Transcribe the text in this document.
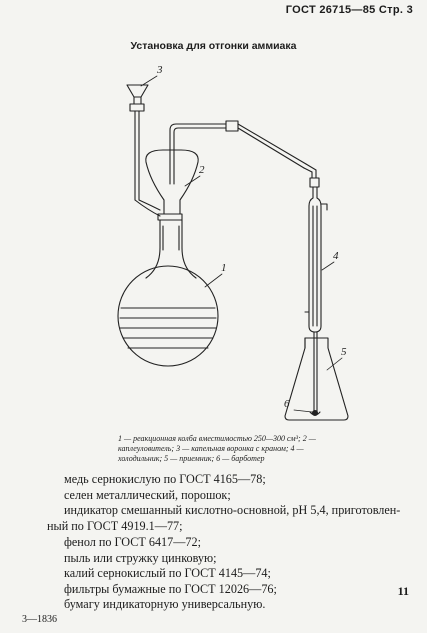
ГОСТ 26715—85 Стр. 3
Установка для отгонки аммиака
3
2
1
4
5
6
1 — реакционная колба вместимостью 250—300 см³; 2 —
каплеуловитель; 3 — капельная воронка с краном; 4 —
холодильник; 5 — приемник; 6 — барботер
медь сернокислую по ГОСТ 4165—78;
селен металлический, порошок;
индикатор смешанный кислотно-основной, рН 5,4, приготовлен-
ный по ГОСТ 4919.1—77;
фенол по ГОСТ 6417—72;
пыль или стружку цинковую;
калий сернокислый по ГОСТ 4145—74;
фильтры бумажные по ГОСТ 12026—76;
бумагу индикаторную универсальную.
11
3—1836
